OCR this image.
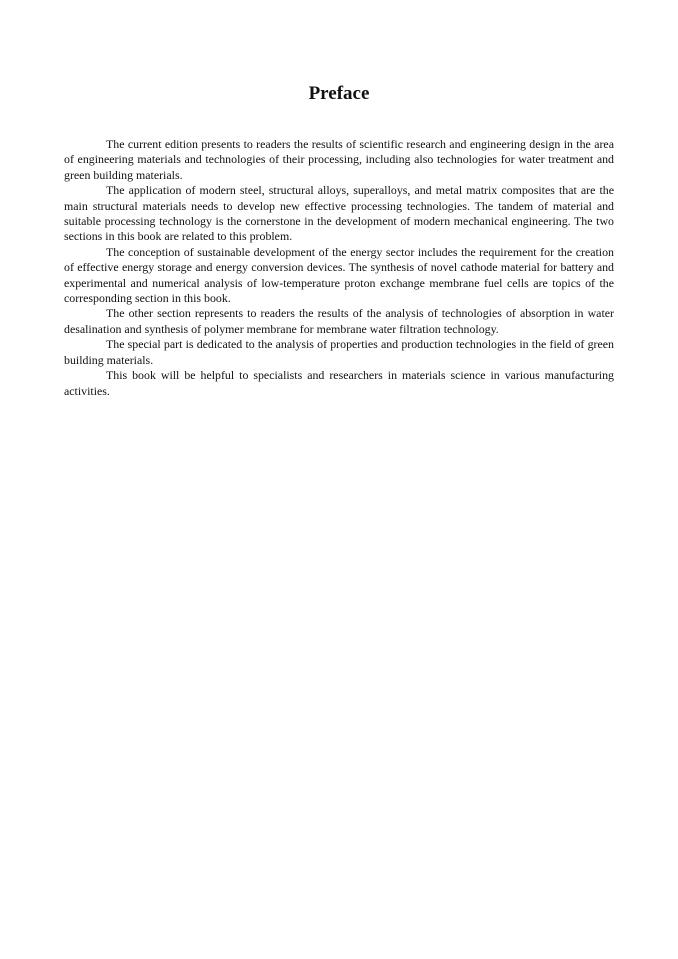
Preface

The current edition presents to readers the results of scientific research and engineering design in the area of engineering materials and technologies of their processing, including also technologies for water treatment and green building materials.

The application of modern steel, structural alloys, superalloys, and metal matrix composites that are the main structural materials needs to develop new effective processing technologies. The tandem of material and suitable processing technology is the cornerstone in the development of modern mechanical engineering. The two sections in this book are related to this problem.

The conception of sustainable development of the energy sector includes the requirement for the creation of effective energy storage and energy conversion devices. The synthesis of novel cathode material for battery and experimental and numerical analysis of low-temperature proton exchange membrane fuel cells are topics of the corresponding section in this book.

The other section represents to readers the results of the analysis of technologies of absorption in water desalination and synthesis of polymer membrane for membrane water filtration technology.

The special part is dedicated to the analysis of properties and production technologies in the field of green building materials.

This book will be helpful to specialists and researchers in materials science in various manufacturing activities.
